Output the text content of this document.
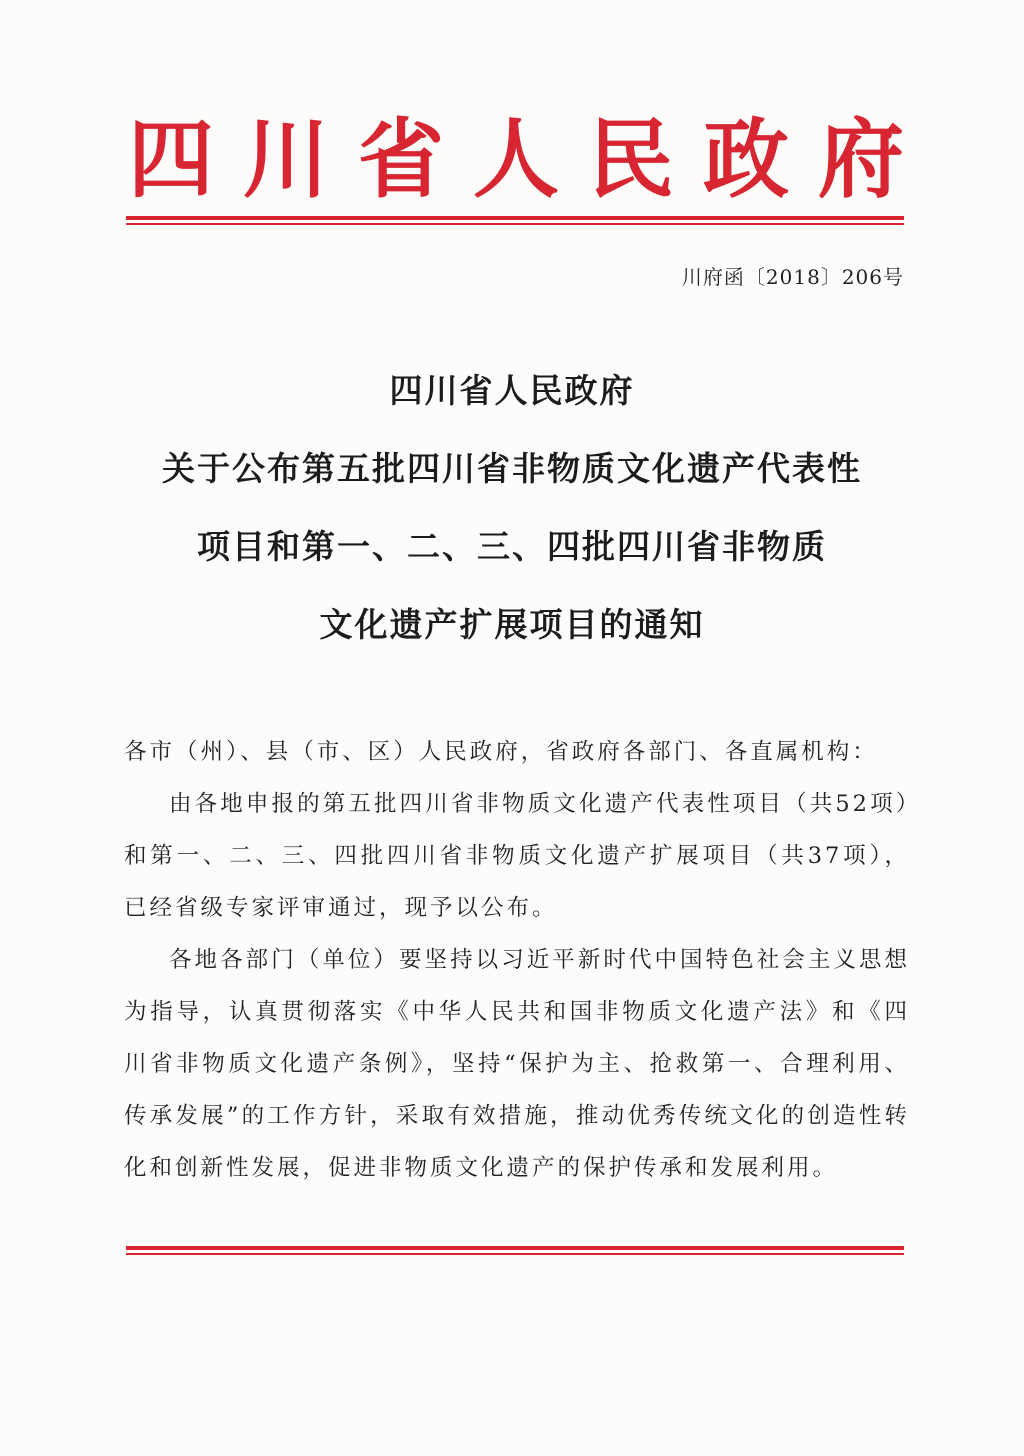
四 川 省 人 民 政 府
川府函〔2018〕206号
四川省人民政府
关于公布第五批四川省非物质文化遗产代表性
项目和第一、二、三、四批四川省非物质
文化遗产扩展项目的通知

各市（州）、县（市、区）人民政府，省政府各部门、各直属机构：

由各地申报的第五批四川省非物质文化遗产代表性项目（共52项）和第一、二、三、四批四川省非物质文化遗产扩展项目（共37项），已经省级专家评审通过，现予以公布。

各地各部门（单位）要坚持以习近平新时代中国特色社会主义思想为指导，认真贯彻落实《中华人民共和国非物质文化遗产法》和《四川省非物质文化遗产条例》，坚持“保护为主、抢救第一、合理利用、传承发展”的工作方针，采取有效措施，推动优秀传统文化的创造性转化和创新性发展，促进非物质文化遗产的保护传承和发展利用。
